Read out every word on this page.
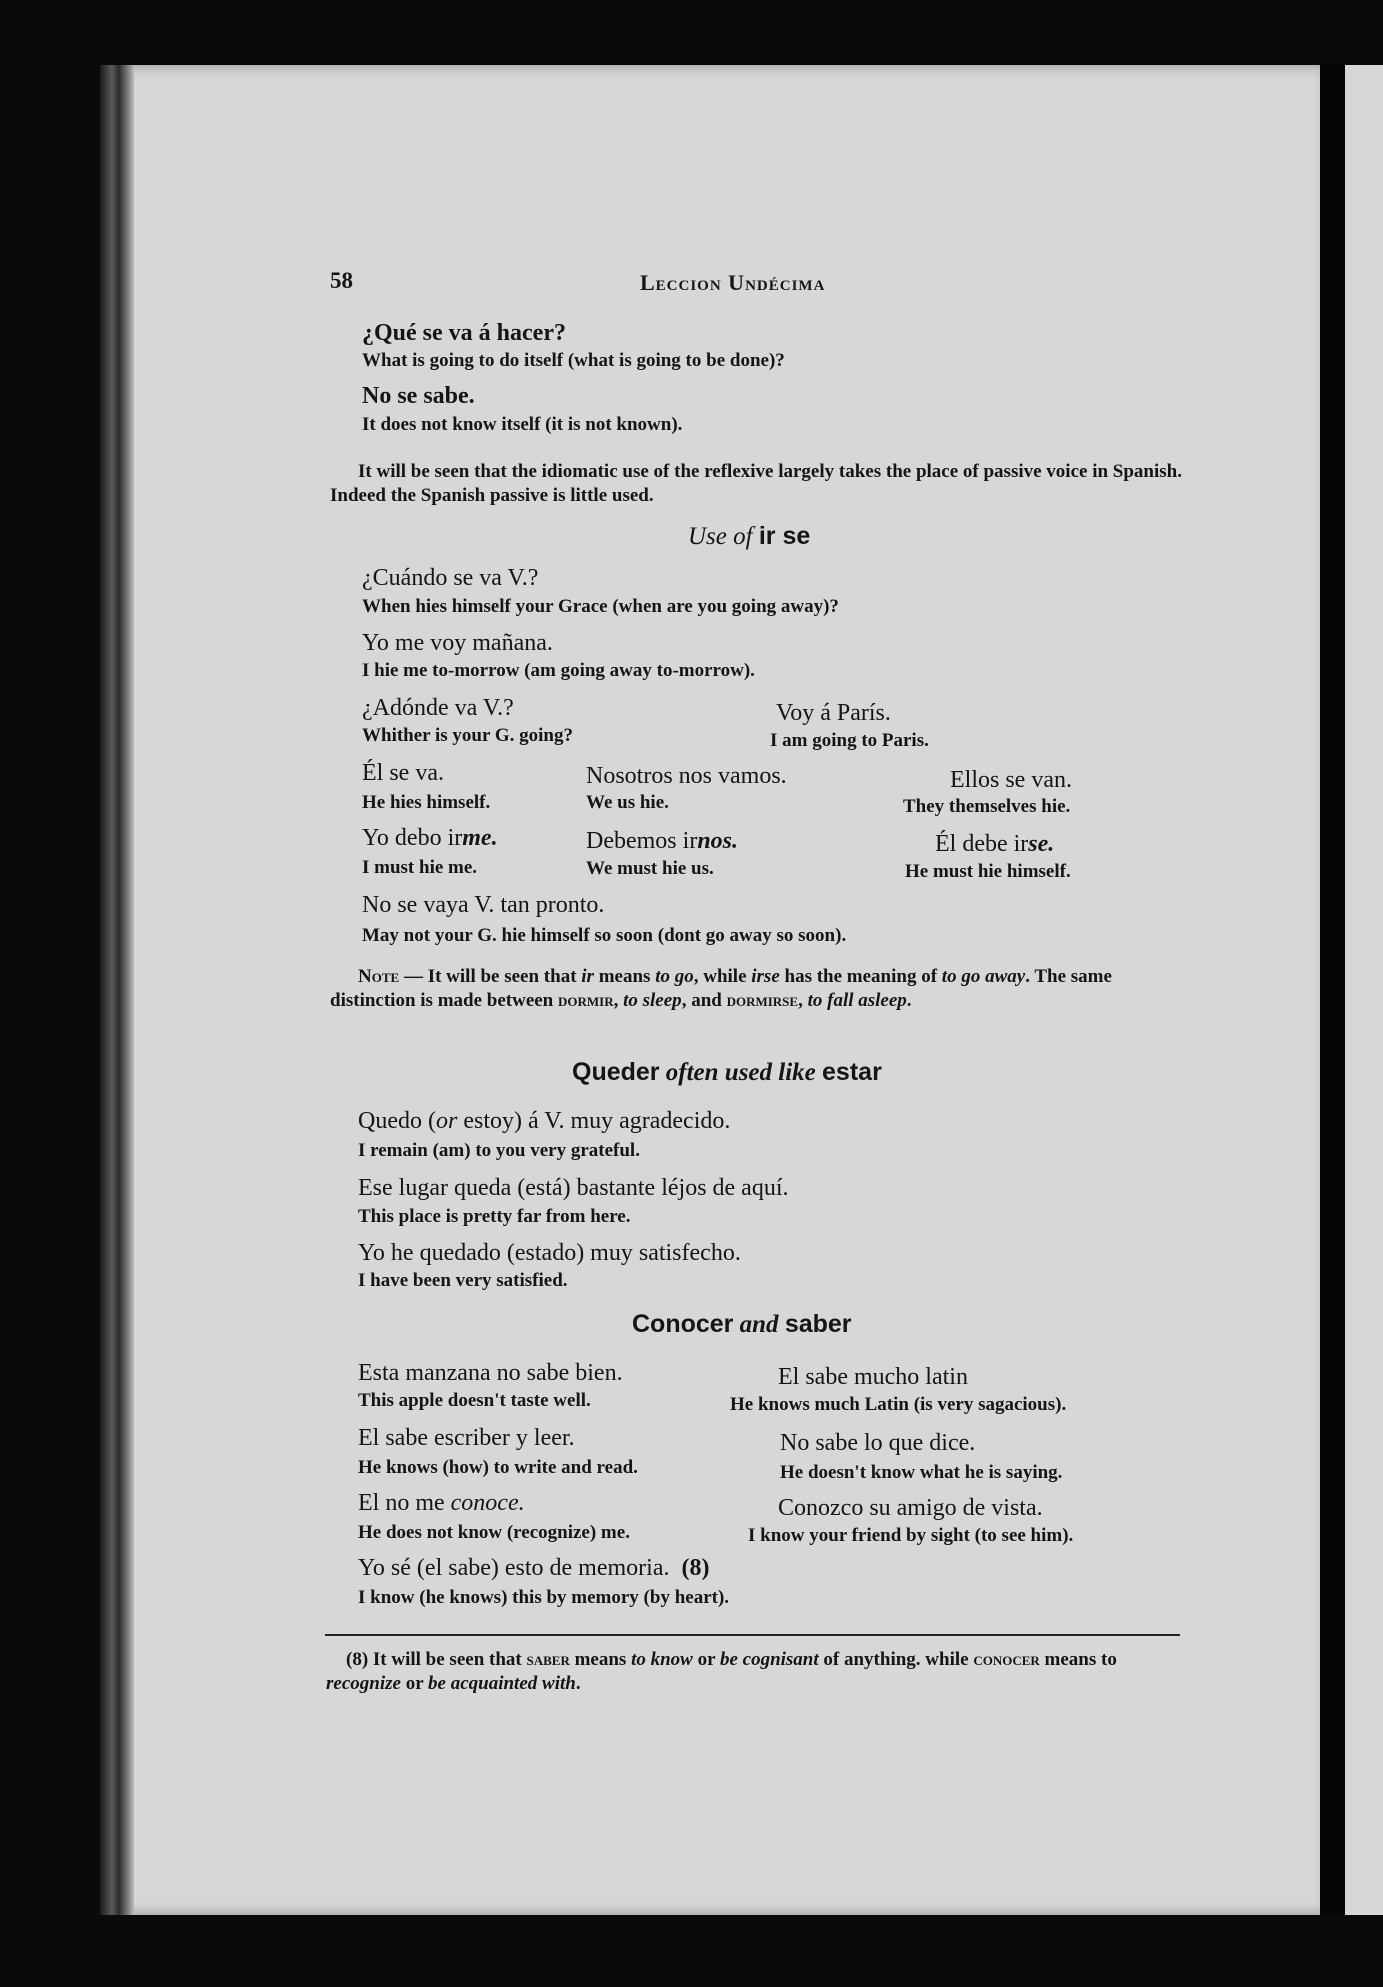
58	Leccion Undécima
¿Qué se va á hacer?
What is going to do itself (what is going to be done)?
No se sabe.
It does not know itself (it is not known).
It will be seen that the idiomatic use of the reflexive largely takes the place of passive voice in Spanish. Indeed the Spanish passive is little used.
Use of ir se
¿Cuándo se va V.?
When hies himself your Grace (when are you going away)?
Yo me voy mañana.
I hie me to-morrow (am going away to-morrow).
¿Adónde va V.?
Whither is your G. going?
Voy á París.
I am going to Paris.
Él se va.
He hies himself.
Nosotros nos vamos.
We us hie.
Ellos se van.
They themselves hie.
Yo debo irme.
I must hie me.
Debemos irnos.
We must hie us.
Él debe irse.
He must hie himself.
No se vaya V. tan pronto.
May not your G. hie himself so soon (dont go away so soon).
Note — It will be seen that ir means to go, while irse has the meaning of to go away. The same distinction is made between dormir, to sleep, and dormirse, to fall asleep.
Queder often used like estar
Quedo (or estoy) á V. muy agradecido.
I remain (am) to you very grateful.
Ese lugar queda (está) bastante léjos de aquí.
This place is pretty far from here.
Yo he quedado (estado) muy satisfecho.
I have been very satisfied.
Conocer and saber
Esta manzana no sabe bien.
This apple doesn't taste well.
El sabe mucho latin
He knows much Latin (is very sagacious).
El sabe escriber y leer.
He knows (how) to write and read.
No sabe lo que dice.
He doesn't know what he is saying.
El no me conoce.
He does not know (recognize) me.
Conozco su amigo de vista.
I know your friend by sight (to see him).
Yo sé (el sabe) esto de memoria. (8)
I know (he knows) this by memory (by heart).
(8) It will be seen that saber means to know or be cognisant of anything. while conocer means to recognize or be acquainted with.
